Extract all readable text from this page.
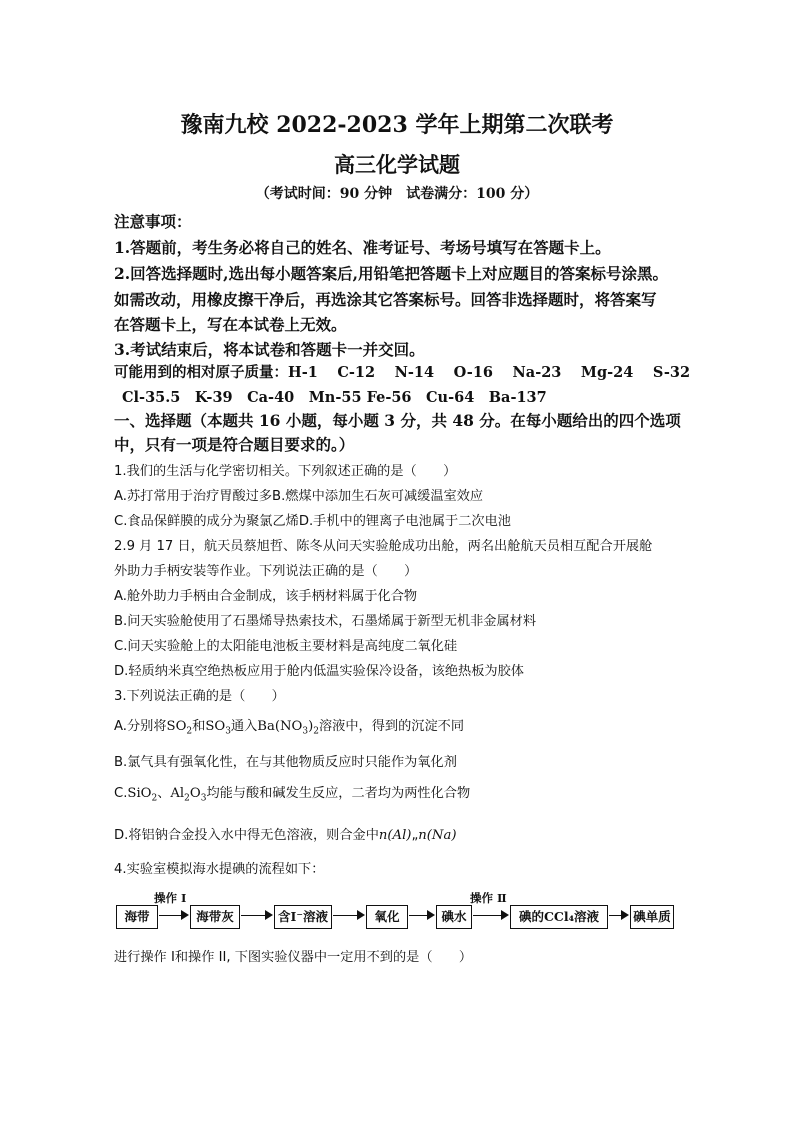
豫南九校 2022-2023 学年上期第二次联考
高三化学试题
（考试时间：90 分钟　试卷满分：100 分）
注意事项：
1.答题前，考生务必将自己的姓名、准考证号、考场号填写在答题卡上。
2.回答选择题时,选出每小题答案后,用铅笔把答题卡上对应题目的答案标号涂黑。
如需改动，用橡皮擦干净后，再选涂其它答案标号。回答非选择题时，将答案写
在答题卡上，写在本试卷上无效。
3.考试结束后，将本试卷和答题卡一并交回。
可能用到的相对原子质量：H-1　 C-12　 N-14　 O-16　 Na-23　 Mg-24　 S-32
Cl-35.5　K-39　Ca-40　Mn-55 Fe-56　Cu-64　Ba-137
一、选择题（本题共 16 小题，每小题 3 分，共 48 分。在每小题给出的四个选项
中，只有一项是符合题目要求的。）
1.我们的生活与化学密切相关。下列叙述正确的是（　　）
A.苏打常用于治疗胃酸过多B.燃煤中添加生石灰可减缓温室效应
C.食品保鲜膜的成分为聚氯乙烯D.手机中的锂离子电池属于二次电池
2.9 月 17 日，航天员蔡旭哲、陈冬从问天实验舱成功出舱，两名出舱航天员相互配合开展舱
外助力手柄安装等作业。下列说法正确的是（　　）
A.舱外助力手柄由合金制成，该手柄材料属于化合物
B.问天实验舱使用了石墨烯导热索技术，石墨烯属于新型无机非金属材料
C.问天实验舱上的太阳能电池板主要材料是高纯度二氧化硅
D.轻质纳米真空绝热板应用于舱内低温实验保冷设备，该绝热板为胶体
3.下列说法正确的是（　　）
A.分别将$SO_2$和$SO_3$通入$Ba(NO_3)_2$溶液中，得到的沉淀不同
B.氯气具有强氧化性，在与其他物质反应时只能作为氧化剂
C.SiO$_2$、$Al_2O_3$均能与酸和碱发生反应，二者均为两性化合物
D.将铝钠合金投入水中得无色溶液，则合金中n(Al)„n(Na)
4.实验室模拟海水提碘的流程如下：
操作 I	操作 Ⅱ
海带	海带灰	含I⁻溶液	氧化	碘水	碘的CCl₄溶液	碘单质
进行操作 I和操作 II, 下图实验仪器中一定用不到的是（　　）
